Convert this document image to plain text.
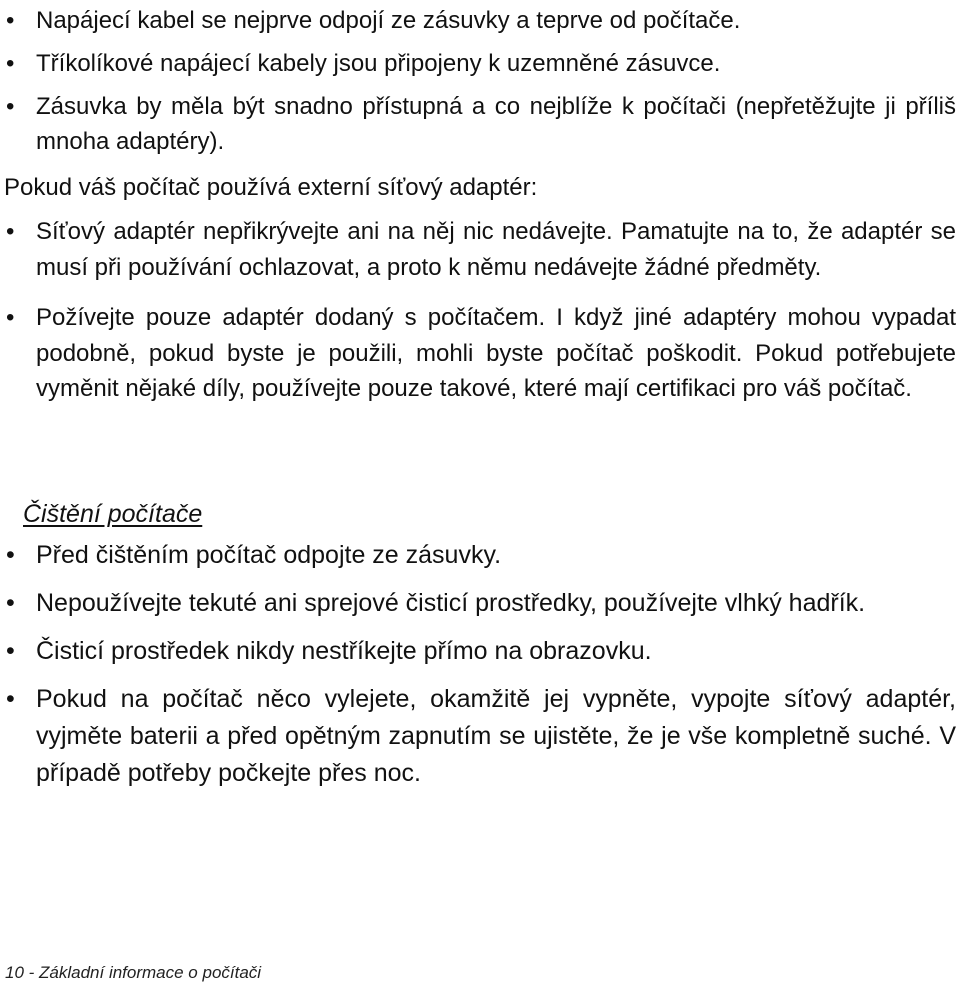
• Napájecí kabel se nejprve odpojí ze zásuvky a teprve od počítače.
• Tříkolíkové napájecí kabely jsou připojeny k uzemněné zásuvce.
• Zásuvka by měla být snadno přístupná a co nejblíže k počítači (nepřetěžujte ji příliš mnoha adaptéry).
Pokud váš počítač používá externí síťový adaptér:
• Síťový adaptér nepřikrývejte ani na něj nic nedávejte. Pamatujte na to, že adaptér se musí při používání ochlazovat, a proto k němu nedávejte žádné předměty.
• Požívejte pouze adaptér dodaný s počítačem. I když jiné adaptéry mohou vypadat podobně, pokud byste je použili, mohli byste počítač poškodit. Pokud potřebujete vyměnit nějaké díly, používejte pouze takové, které mají certifikaci pro váš počítač.
Čištění počítače
• Před čištěním počítač odpojte ze zásuvky.
• Nepoužívejte tekuté ani sprejové čisticí prostředky, používejte vlhký hadřík.
• Čisticí prostředek nikdy nestříkejte přímo na obrazovku.
• Pokud na počítač něco vylejete, okamžitě jej vypněte, vypojte síťový adaptér, vyjměte baterii a před opětným zapnutím se ujistěte, že je vše kompletně suché. V případě potřeby počkejte přes noc.
10 - Základní informace o počítači
